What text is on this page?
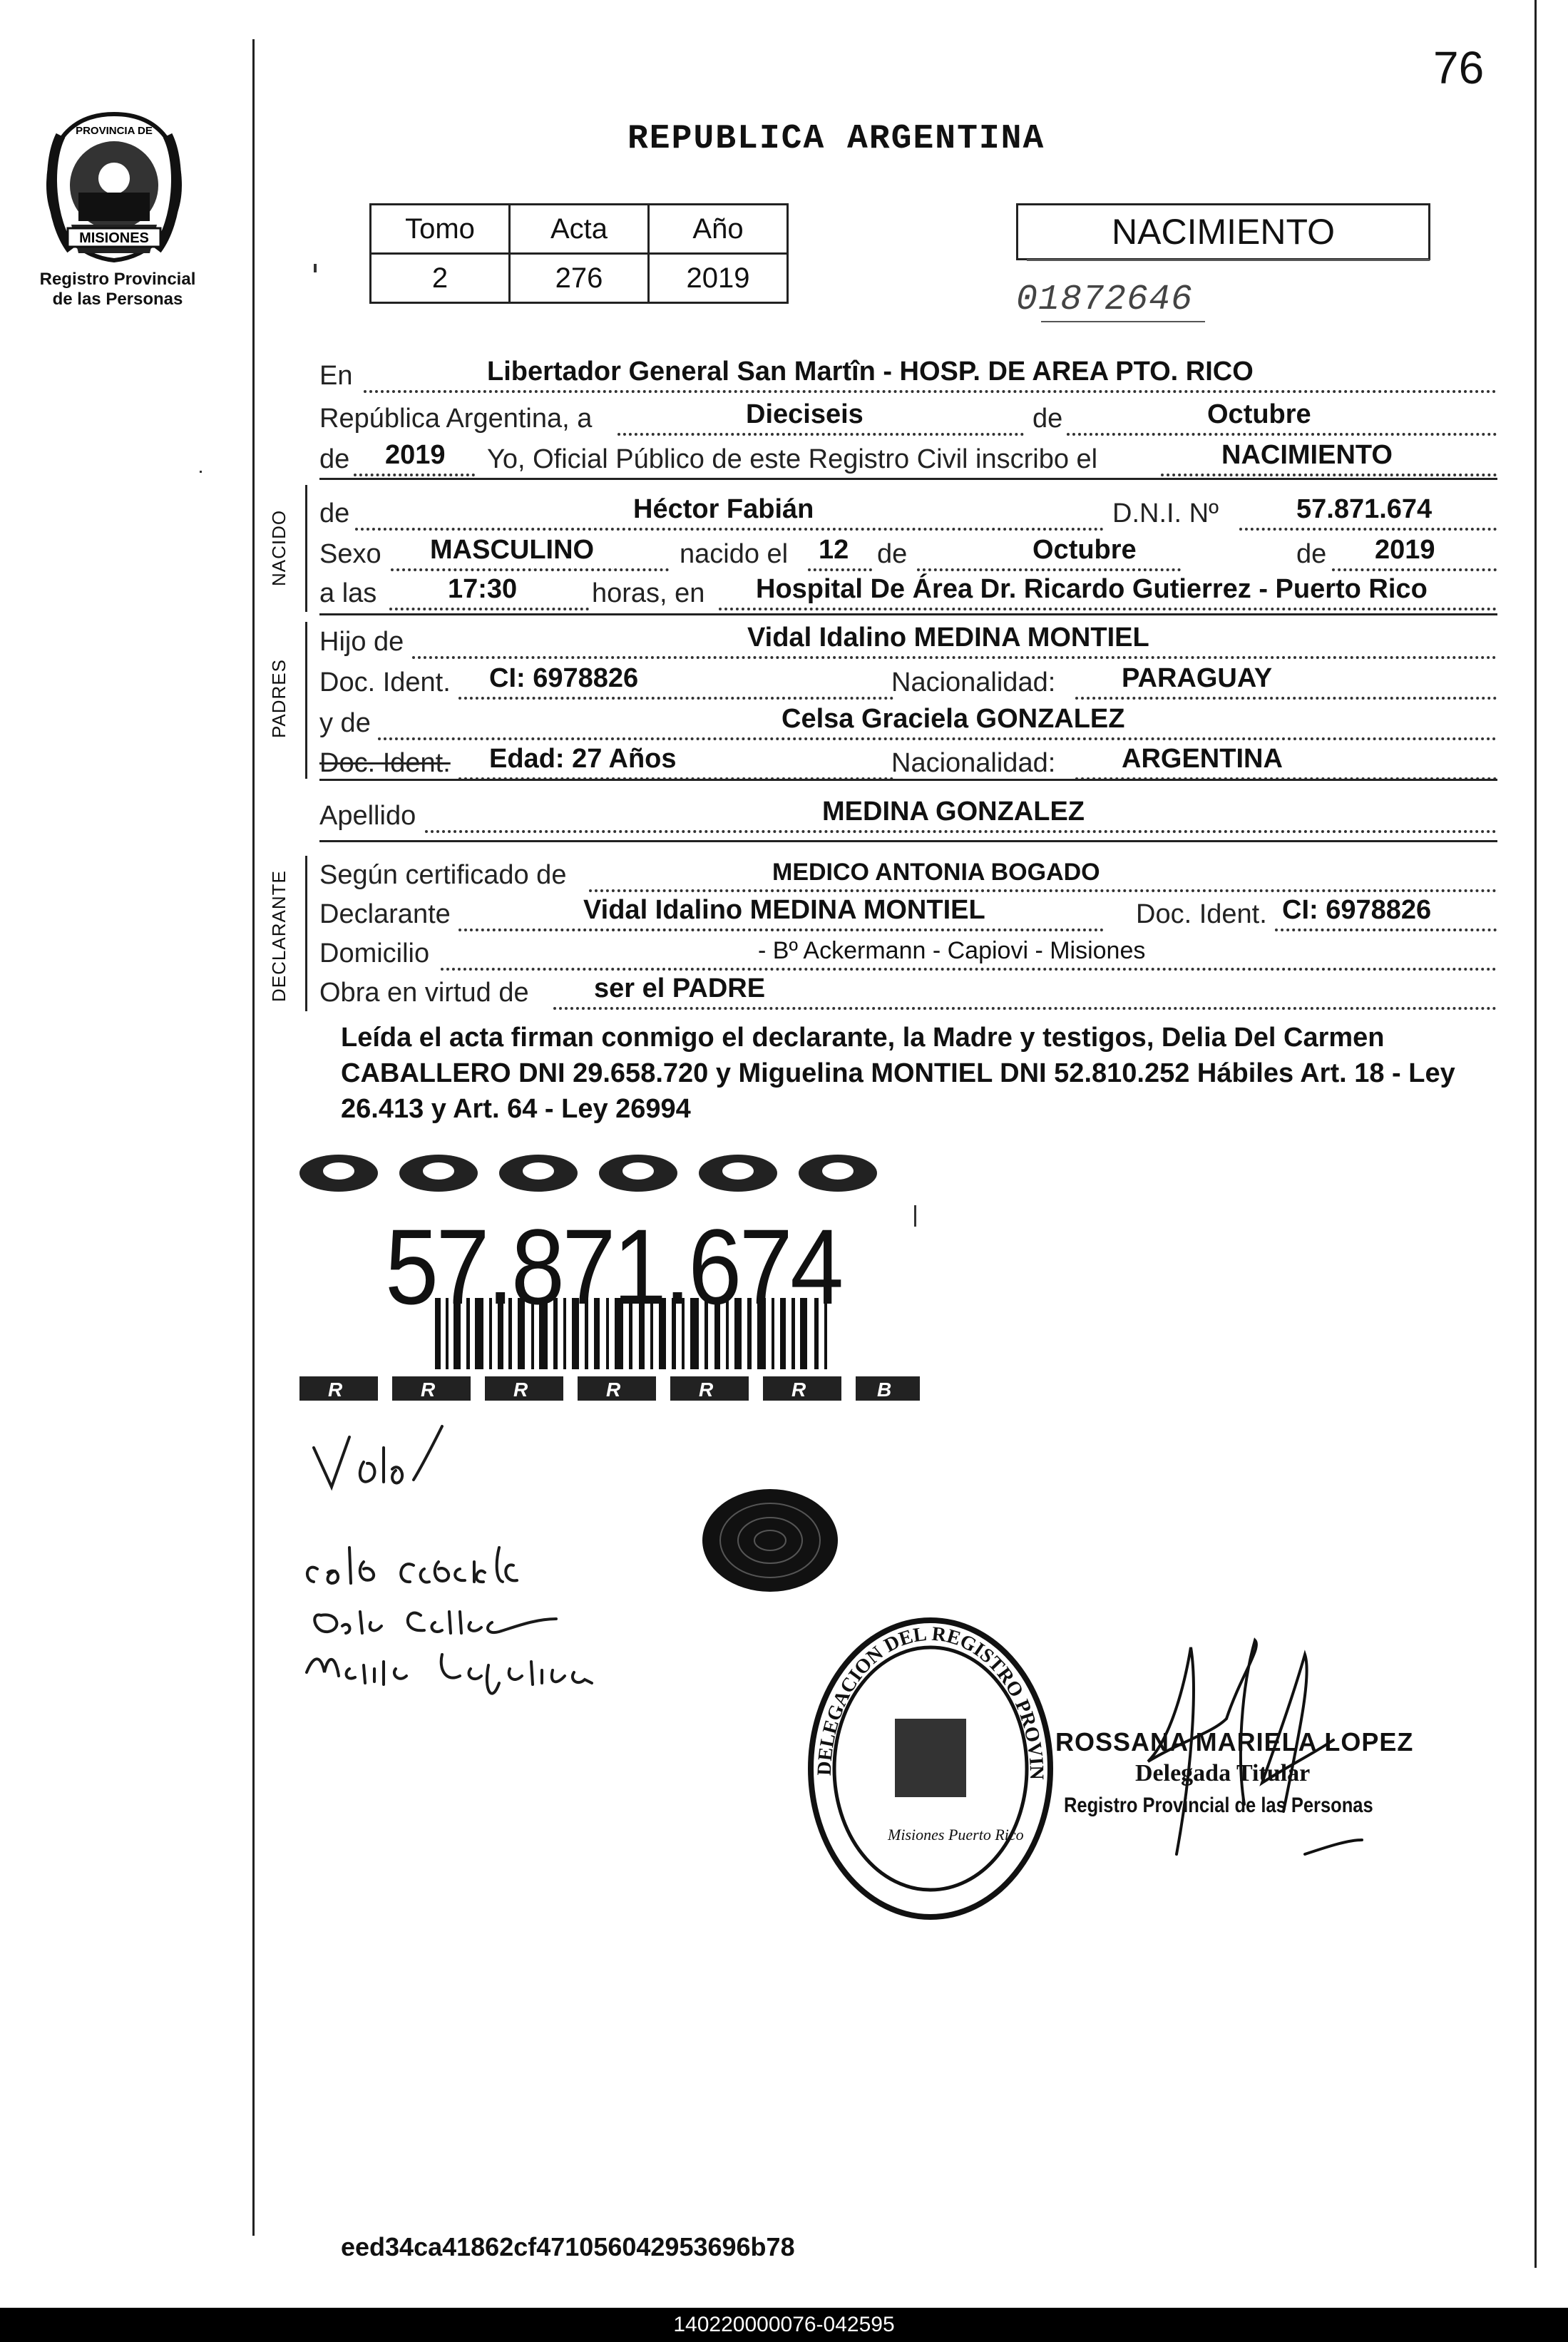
76
MISIONES
PROVINCIA DE
Registro Provincial
de las Personas
REPUBLICA ARGENTINA
Tomo	Acta	Año
2	276	2019
NACIMIENTO
01872646
En	Libertador General San Martîn - HOSP. DE AREA PTO. RICO
República Argentina, a	Dieciseis	de	Octubre
de 2019 Yo, Oficial Público de este Registro Civil inscribo el	NACIMIENTO
NACIDO de	Héctor Fabián	D.N.I. Nº	57.871.674
Sexo MASCULINO	nacido el 12 de	Octubre	de 2019
a las	17:30	horas, en Hospital De Área Dr. Ricardo Gutierrez - Puerto Rico
PADRES
Hijo de	Vidal Idalino MEDINA MONTIEL
Doc. Ident. CI: 6978826	Nacionalidad: PARAGUAY
y de	Celsa Graciela GONZALEZ
Doc. Ident. Edad: 27 Años	Nacionalidad: ARGENTINA
Apellido	MEDINA GONZALEZ
DECLARANTE Según certificado de	MEDICO ANTONIA BOGADO
Declarante	Vidal Idalino MEDINA MONTIEL	Doc. Ident. CI: 6978826
Domicilio	- Bº Ackermann - Capiovi - Misiones
Obra en virtud de ser el PADRE
Leída el acta firman conmigo el declarante, la Madre y testigos, Delia Del Carmen CABALLERO DNI 29.658.720 y Miguelina MONTIEL DNI 52.810.252 Hábiles Art. 18 - Ley 26.413 y Art. 64 - Ley 26994
R	R	R	R	R	R	B
57.871.674
DELEGACION DEL REGISTRO PROVIN
Misiones Puerto Rico
ROSSANA MARIELA LOPEZ
Delegada Titular
Registro Provincial de las Personas
eed34ca41862cf471056042953696b78
140220000076-042595
